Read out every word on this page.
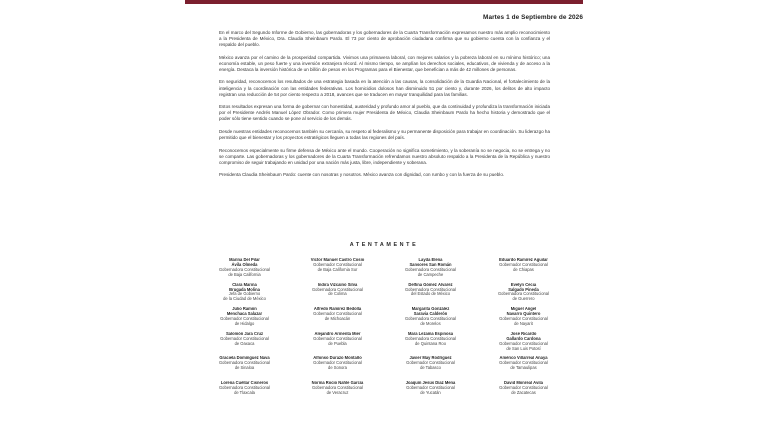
Martes 1 de Septiembre de 2026

En el marco del Segundo Informe de Gobierno, las gobernadoras y los gobernadores de la Cuarta Transformación expresamos nuestro más amplio reconocimiento a la Presidenta de México, Dra. Claudia Sheinbaum Pardo. El 73 por ciento de aprobación ciudadana confirma que su gobierno cuenta con la confianza y el respaldo del pueblo.

México avanza por el camino de la prosperidad compartida. Vivimos una primavera laboral, con mejores salarios y la pobreza laboral en su mínimo histórico; una economía estable, un peso fuerte y una inversión extranjera récord. Al mismo tiempo, se amplían los derechos sociales, educativos, de vivienda y de acceso a la energía. Destaca la inversión histórica de un billón de pesos en los Programas para el Bienestar, que benefician a más de 42 millones de personas.

En seguridad, reconocemos los resultados de una estrategia basada en la atención a las causas, la consolidación de la Guardia Nacional, el fortalecimiento de la inteligencia y la coordinación con las entidades federativas. Los homicidios dolosos han disminuido 51 por ciento y, durante 2026, los delitos de alto impacto registran una reducción de 54 por ciento respecto a 2018, avances que se traducen en mayor tranquilidad para las familias.

Estos resultados expresan una forma de gobernar con honestidad, austeridad y profundo amor al pueblo, que da continuidad y profundiza la transformación iniciada por el Presidente Andrés Manuel López Obrador. Como primera mujer Presidenta de México, Claudia Sheinbaum Pardo ha hecho historia y demostrado que el poder sólo tiene sentido cuando se pone al servicio de los demás.

Desde nuestras entidades reconocemos también su cercanía, su respeto al federalismo y su permanente disposición para trabajar en coordinación. Su liderazgo ha permitido que el bienestar y los proyectos estratégicos lleguen a todas las regiones del país.

Reconocemos especialmente su firme defensa de México ante el mundo. Cooperación no significa sometimiento, y la soberanía no se negocia, no se entrega y no se comparte. Las gobernadoras y los gobernadores de la Cuarta Transformación refrendamos nuestro absoluto respaldo a la Presidenta de la República y nuestro compromiso de seguir trabajando en unidad por una nación más justa, libre, independiente y soberana.

Presidenta Claudia Sheinbaum Pardo: cuente con nosotras y nosotros. México avanza con dignidad, con rumbo y con la fuerza de su pueblo.

ATENTAMENTE
Marina Del Pilar
Ávila Olmeda
Gobernadora Constitucional
de Baja California
Clara Marina
Brugada Molina
Jefa de Gobierno
de la Ciudad de México
Julio Ramón
Menchaca Salazar
Gobernador Constitucional
de Hidalgo
Salomón Jara Cruz
Gobernador Constitucional
de Oaxaca
Graciela Domínguez Nava
Gobernadora Constitucional
de Sinaloa
Lorena Cuéllar Cisneros
Gobernadora Constitucional
de Tlaxcala
Víctor Manuel Castro Cosío
Gobernador Constitucional
de Baja California Sur
Indira Vizcaíno Silva
Gobernadora Constitucional
de Colima
Alfredo Ramírez Bedolla
Gobernador Constitucional
de Michoacán
Alejandro Armenta Mier
Gobernador Constitucional
de Puebla
Alfonso Durazo Montaño
Gobernador Constitucional
de Sonora
Norma Rocío Nahle García
Gobernadora Constitucional
de Veracruz
Layda Elena
Sansores San Román
Gobernadora Constitucional
de Campeche
Delfina Gómez Álvarez
Gobernadora Constitucional
del Estado de México
Margarita González
Saravia Calderón
Gobernadora Constitucional
de Morelos
Mara Lezama Espinosa
Gobernadora Constitucional
de Quintana Roo
Javier May Rodríguez
Gobernador Constitucional
de Tabasco
Joaquín Jesús Díaz Mena
Gobernador Constitucional
de Yucatán
Eduardo Ramírez Aguilar
Gobernador Constitucional
de Chiapas
Evelyn Cecia
Salgado Pineda
Gobernadora Constitucional
de Guerrero
Miguel Ángel
Navarro Quintero
Gobernador Constitucional
de Nayarit
José Ricardo
Gallardo Cardona
Gobernador Constitucional
de San Luis Potosí
Américo Villarreal Anaya
Gobernador Constitucional
de Tamaulipas
David Monreal Ávila
Gobernador Constitucional
de Zacatecas
